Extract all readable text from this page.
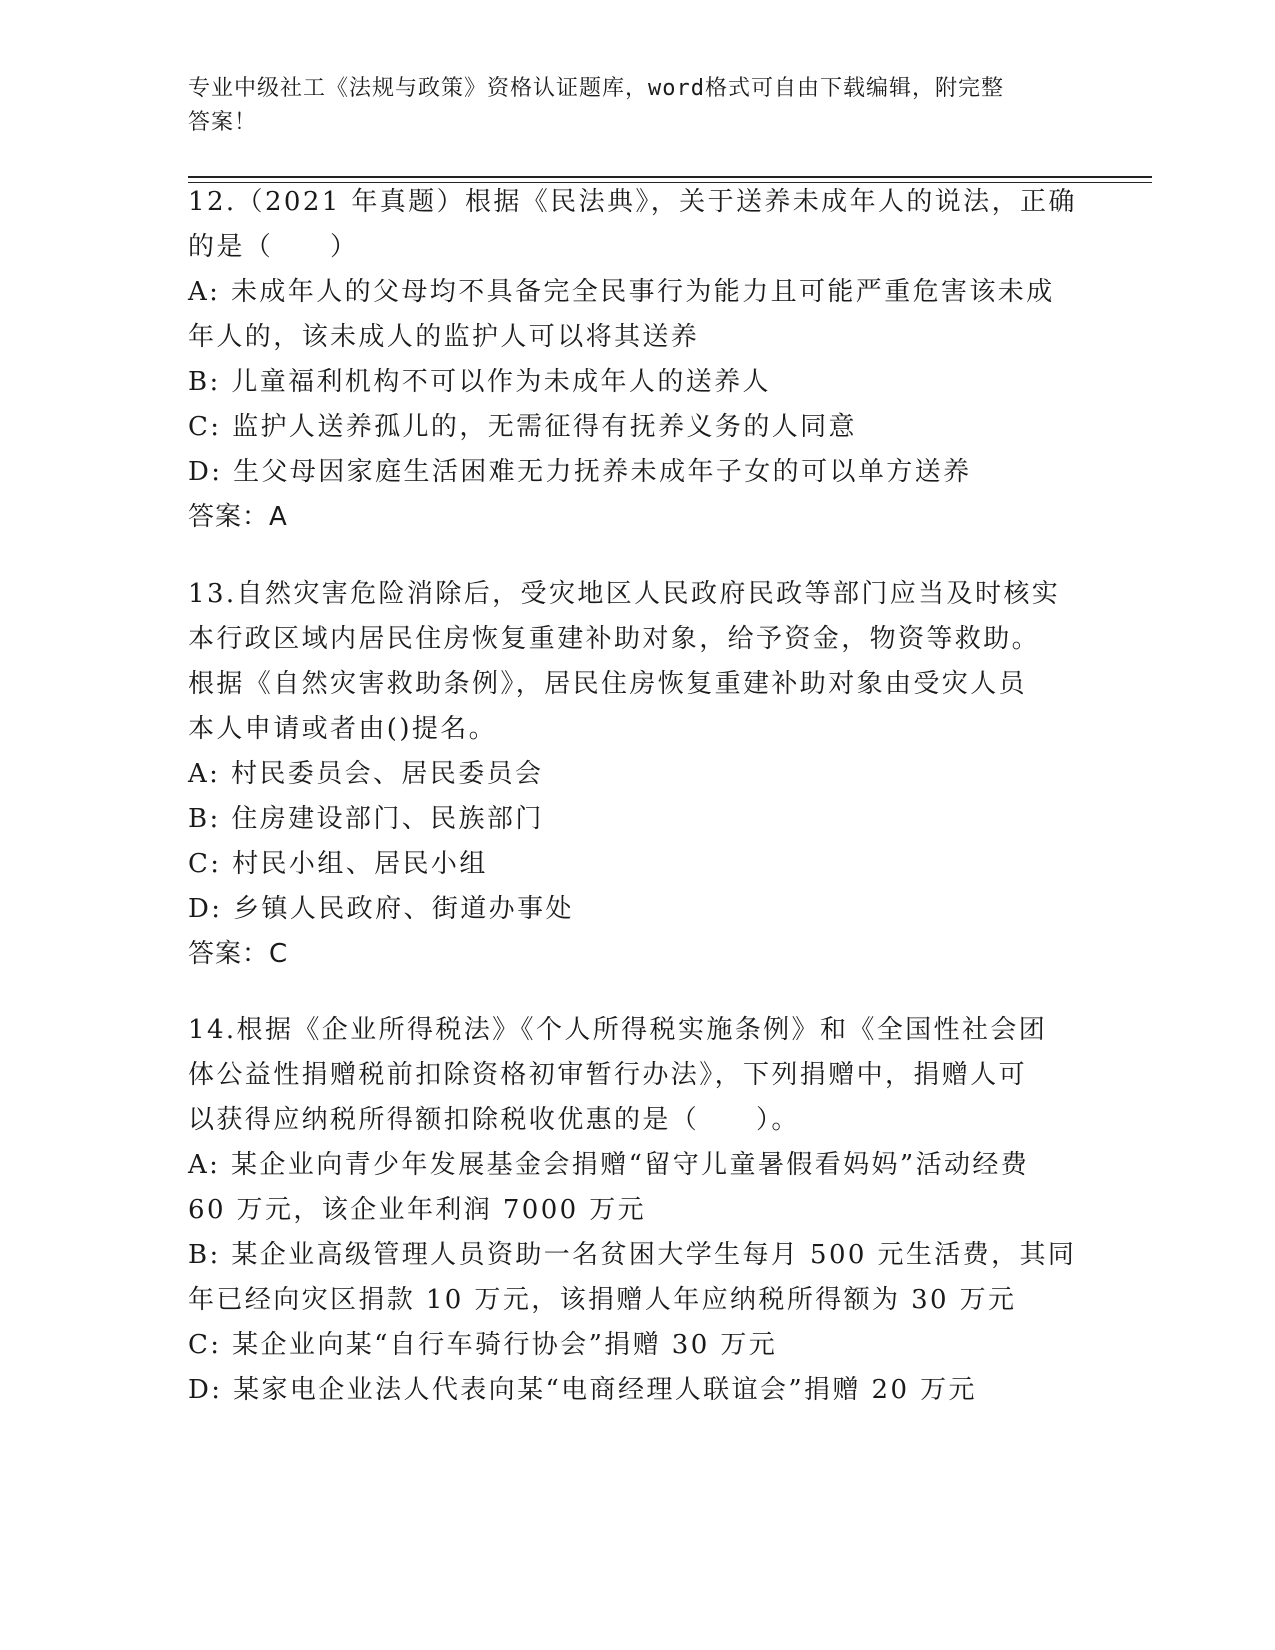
专业中级社工《法规与政策》资格认证题库，word格式可自由下载编辑，附完整
答案！
12.（2021 年真题）根据《民法典》，关于送养未成年人的说法，正确
的是（　　）
A: 未成年人的父母均不具备完全民事行为能力且可能严重危害该未成
年人的，该未成人的监护人可以将其送养
B: 儿童福利机构不可以作为未成年人的送养人
C: 监护人送养孤儿的，无需征得有抚养义务的人同意
D: 生父母因家庭生活困难无力抚养未成年子女的可以单方送养
答案：A
13.自然灾害危险消除后，受灾地区人民政府民政等部门应当及时核实
本行政区域内居民住房恢复重建补助对象，给予资金，物资等救助。
根据《自然灾害救助条例》，居民住房恢复重建补助对象由受灾人员
本人申请或者由()提名。
A: 村民委员会、居民委员会
B: 住房建设部门、民族部门
C: 村民小组、居民小组
D: 乡镇人民政府、街道办事处
答案：C
14.根据《企业所得税法》《个人所得税实施条例》和《全国性社会团
体公益性捐赠税前扣除资格初审暂行办法》，下列捐赠中，捐赠人可
以获得应纳税所得额扣除税收优惠的是（　　）。
A: 某企业向青少年发展基金会捐赠“留守儿童暑假看妈妈”活动经费
60 万元，该企业年利润 7000 万元
B: 某企业高级管理人员资助一名贫困大学生每月 500 元生活费，其同
年已经向灾区捐款 10 万元，该捐赠人年应纳税所得额为 30 万元
C: 某企业向某“自行车骑行协会”捐赠 30 万元
D: 某家电企业法人代表向某“电商经理人联谊会”捐赠 20 万元
